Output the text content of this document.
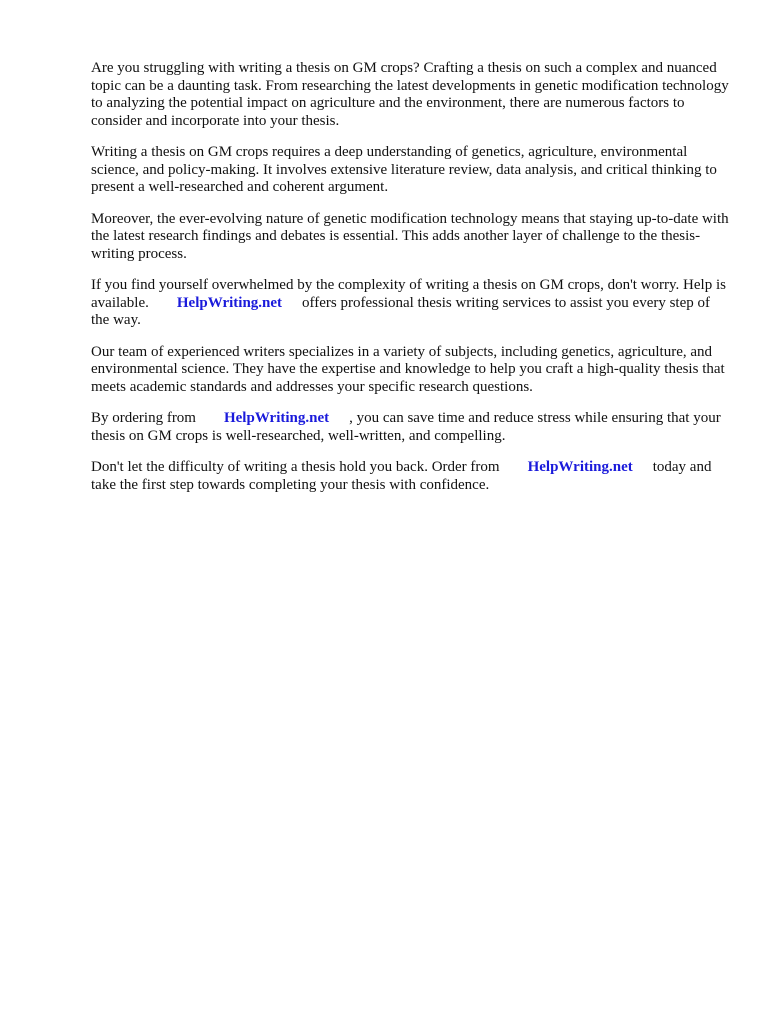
Are you struggling with writing a thesis on GM crops? Crafting a thesis on such a complex and nuanced topic can be a daunting task. From researching the latest developments in genetic modification technology to analyzing the potential impact on agriculture and the environment, there are numerous factors to consider and incorporate into your thesis.

Writing a thesis on GM crops requires a deep understanding of genetics, agriculture, environmental science, and policy-making. It involves extensive literature review, data analysis, and critical thinking to present a well-researched and coherent argument.

Moreover, the ever-evolving nature of genetic modification technology means that staying up-to-date with the latest research findings and debates is essential. This adds another layer of challenge to the thesis-writing process.

If you find yourself overwhelmed by the complexity of writing a thesis on GM crops, don't worry. Help is available. HelpWriting.net offers professional thesis writing services to assist you every step of the way.

Our team of experienced writers specializes in a variety of subjects, including genetics, agriculture, and environmental science. They have the expertise and knowledge to help you craft a high-quality thesis that meets academic standards and addresses your specific research questions.

By ordering from HelpWriting.net , you can save time and reduce stress while ensuring that your thesis on GM crops is well-researched, well-written, and compelling.

Don't let the difficulty of writing a thesis hold you back. Order from HelpWriting.net today and take the first step towards completing your thesis with confidence.
